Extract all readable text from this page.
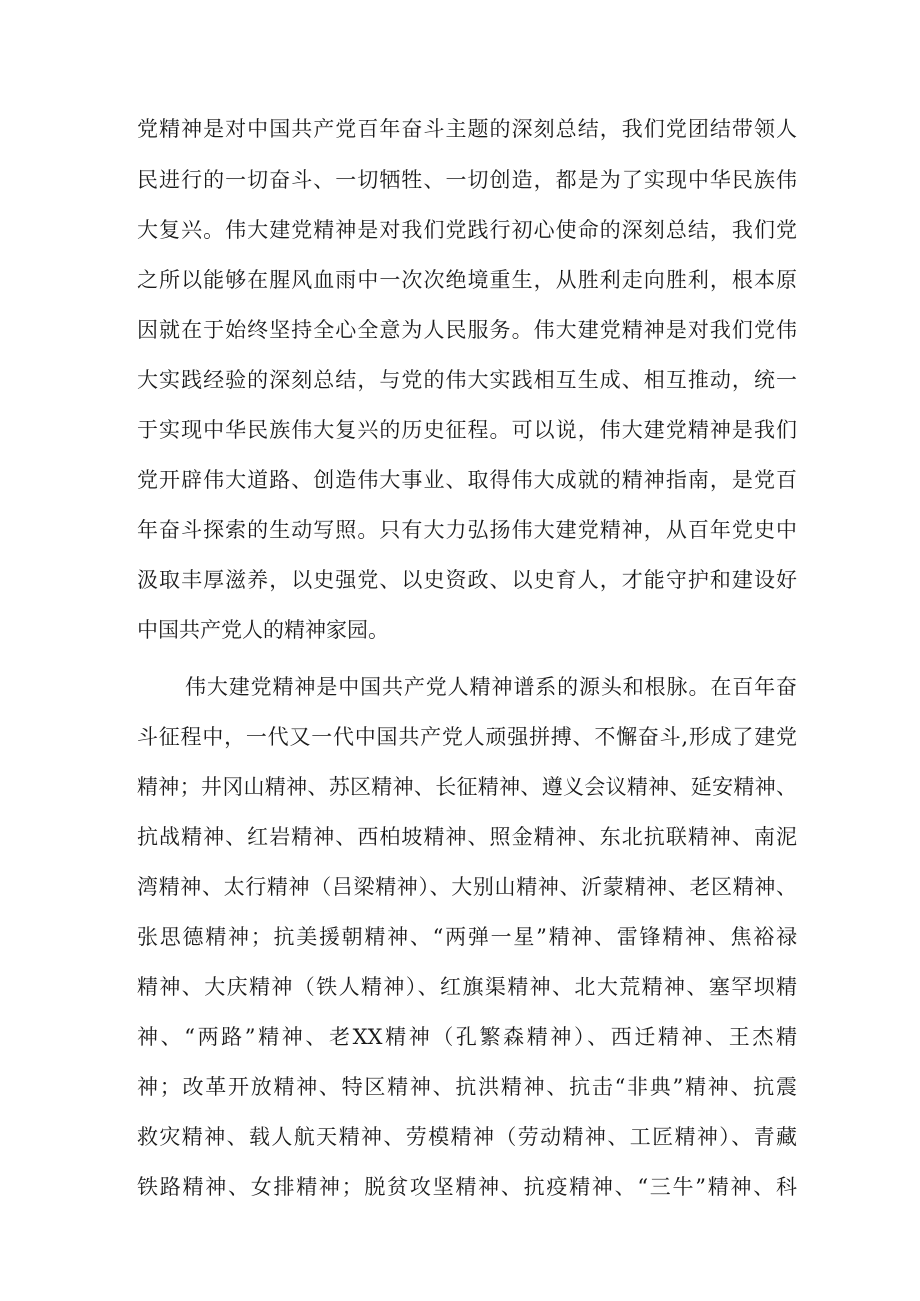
党精神是对中国共产党百年奋斗主题的深刻总结，我们党团结带领人

民进行的一切奋斗、一切牺牲、一切创造，都是为了实现中华民族伟

大复兴。伟大建党精神是对我们党践行初心使命的深刻总结，我们党

之所以能够在腥风血雨中一次次绝境重生，从胜利走向胜利，根本原

因就在于始终坚持全心全意为人民服务。伟大建党精神是对我们党伟

大实践经验的深刻总结，与党的伟大实践相互生成、相互推动，统一

于实现中华民族伟大复兴的历史征程。可以说，伟大建党精神是我们

党开辟伟大道路、创造伟大事业、取得伟大成就的精神指南，是党百

年奋斗探索的生动写照。只有大力弘扬伟大建党精神，从百年党史中

汲取丰厚滋养，以史强党、以史资政、以史育人，才能守护和建设好

中国共产党人的精神家园。

伟大建党精神是中国共产党人精神谱系的源头和根脉。在百年奋

斗征程中，一代又一代中国共产党人顽强拼搏、不懈奋斗,形成了建党

精神；井冈山精神、苏区精神、长征精神、遵义会议精神、延安精神、

抗战精神、红岩精神、西柏坡精神、照金精神、东北抗联精神、南泥

湾精神、太行精神（吕梁精神）、大别山精神、沂蒙精神、老区精神、

张思德精神；抗美援朝精神、“两弹一星”精神、雷锋精神、焦裕禄

精神、大庆精神（铁人精神）、红旗渠精神、北大荒精神、塞罕坝精

神、“两路”精神、老XX精神（孔繁森精神）、西迁精神、王杰精

神；改革开放精神、特区精神、抗洪精神、抗击“非典”精神、抗震

救灾精神、载人航天精神、劳模精神（劳动精神、工匠精神）、青藏

铁路精神、女排精神；脱贫攻坚精神、抗疫精神、“三牛”精神、科
